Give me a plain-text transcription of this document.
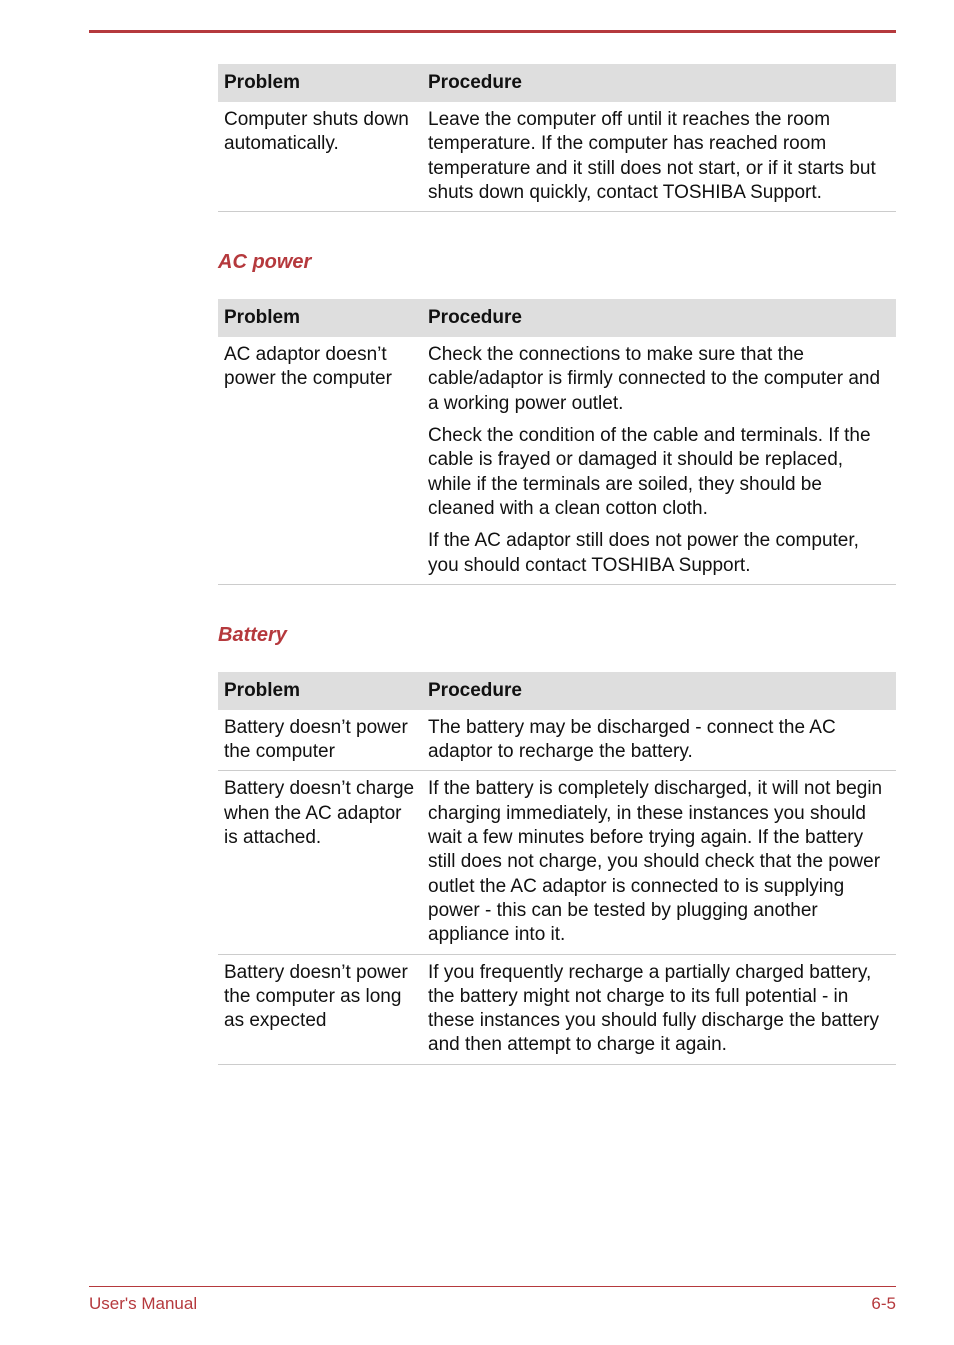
Problem	Procedure
Computer shuts down automatically.	Leave the computer off until it reaches the room temperature. If the computer has reached room temperature and it still does not start, or if it starts but shuts down quickly, contact TOSHIBA Support.

AC power
Problem	Procedure
AC adaptor doesn’t power the computer	Check the connections to make sure that the cable/adaptor is firmly connected to the computer and a working power outlet.

Check the condition of the cable and terminals. If the cable is frayed or damaged it should be replaced, while if the terminals are soiled, they should be cleaned with a clean cotton cloth.

If the AC adaptor still does not power the computer, you should contact TOSHIBA Support.

Battery
Problem	Procedure
Battery doesn’t power the computer	The battery may be discharged - connect the AC adaptor to recharge the battery.

Battery doesn’t charge when the AC adaptor is attached.	If the battery is completely discharged, it will not begin charging immediately, in these instances you should wait a few minutes before trying again. If the battery still does not charge, you should check that the power outlet the AC adaptor is connected to is supplying power - this can be tested by plugging another appliance into it.

Battery doesn’t power the computer as long as expected	If you frequently recharge a partially charged battery, the battery might not charge to its full potential - in these instances you should fully discharge the battery and then attempt to charge it again.

User's Manual	6-5
